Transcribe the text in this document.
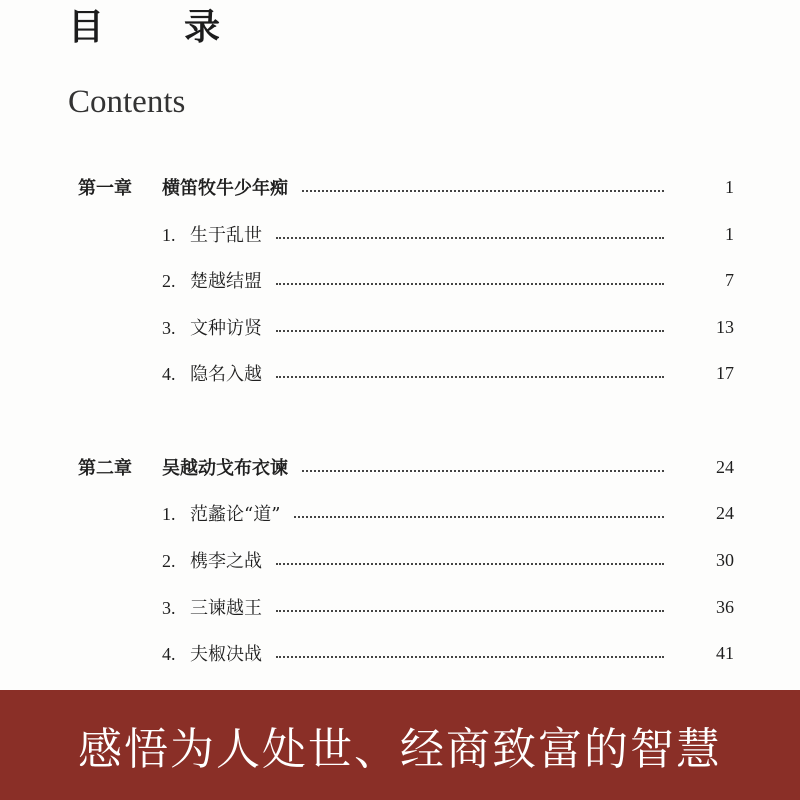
目　录
Contents
第一章 横笛牧牛少年痴	1
1. 生于乱世	1
2. 楚越结盟	7
3. 文种访贤	13
4. 隐名入越	17
第二章 吴越动戈布衣谏	24
1. 范蠡论“道”	24
2. 槜李之战	30
3. 三谏越王	36
4. 夫椒决战	41
感悟为人处世、经商致富的智慧
